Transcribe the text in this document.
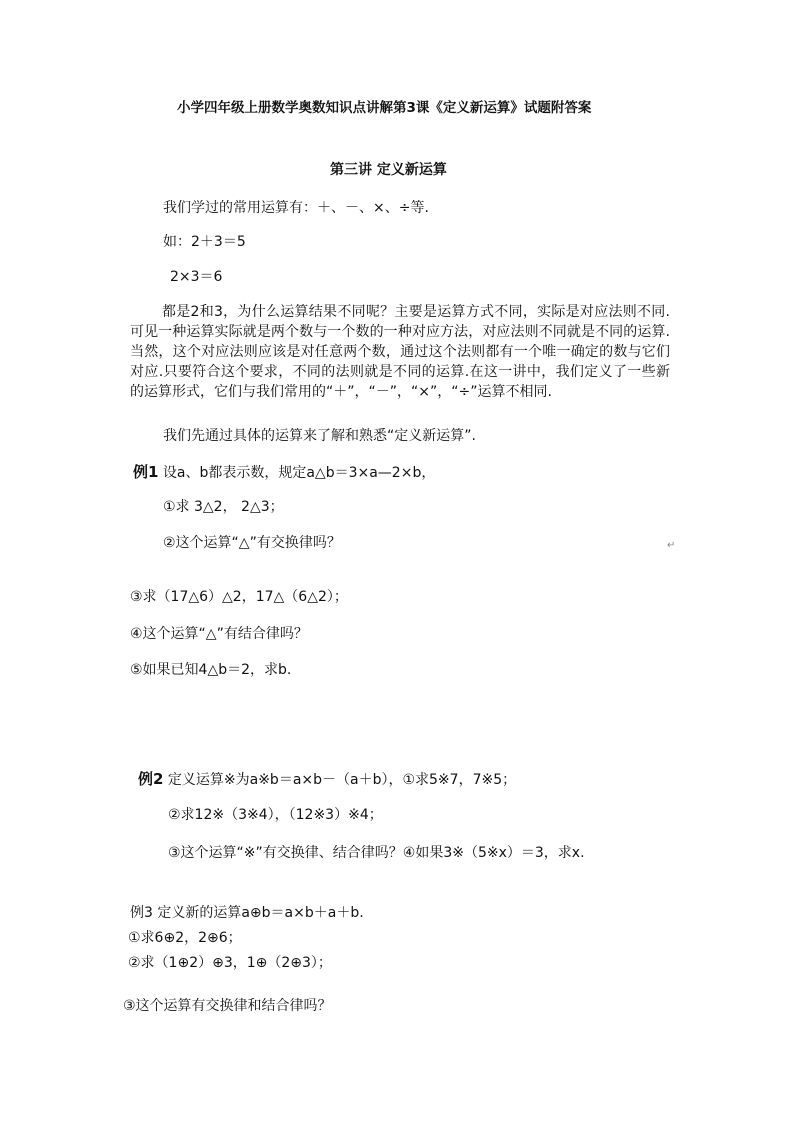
小学四年级上册数学奥数知识点讲解第3课《定义新运算》试题附答案
第三讲 定义新运算
我们学过的常用运算有：＋、－、×、÷等.
如：2＋3＝5
2×3＝6
都是2和3，为什么运算结果不同呢？主要是运算方式不同，实际是对应法则不同.可见一种运算实际就是两个数与一个数的一种对应方法，对应法则不同就是不同的运算.当然，这个对应法则应该是对任意两个数，通过这个法则都有一个唯一确定的数与它们对应.只要符合这个要求，不同的法则就是不同的运算.在这一讲中，我们定义了一些新的运算形式，它们与我们常用的“＋”，“－”，“×”，“÷”运算不相同.
我们先通过具体的运算来了解和熟悉“定义新运算”.
例1 设a、b都表示数，规定a△b＝3×a—2×b，
①求 3△2， 2△3；
②这个运算“△”有交换律吗？	↵
③求（17△6）△2，17△（6△2）；
④这个运算“△”有结合律吗？
⑤如果已知4△b＝2，求b.
例2 定义运算※为a※b＝a×b－（a＋b），①求5※7，7※5；
②求12※（3※4），（12※3）※4；
③这个运算“※”有交换律、结合律吗？④如果3※（5※x）＝3，求x.
例3 定义新的运算a⊕b＝a×b＋a＋b.
①求6⊕2，2⊕6；
②求（1⊕2）⊕3，1⊕（2⊕3）；
③这个运算有交换律和结合律吗？
